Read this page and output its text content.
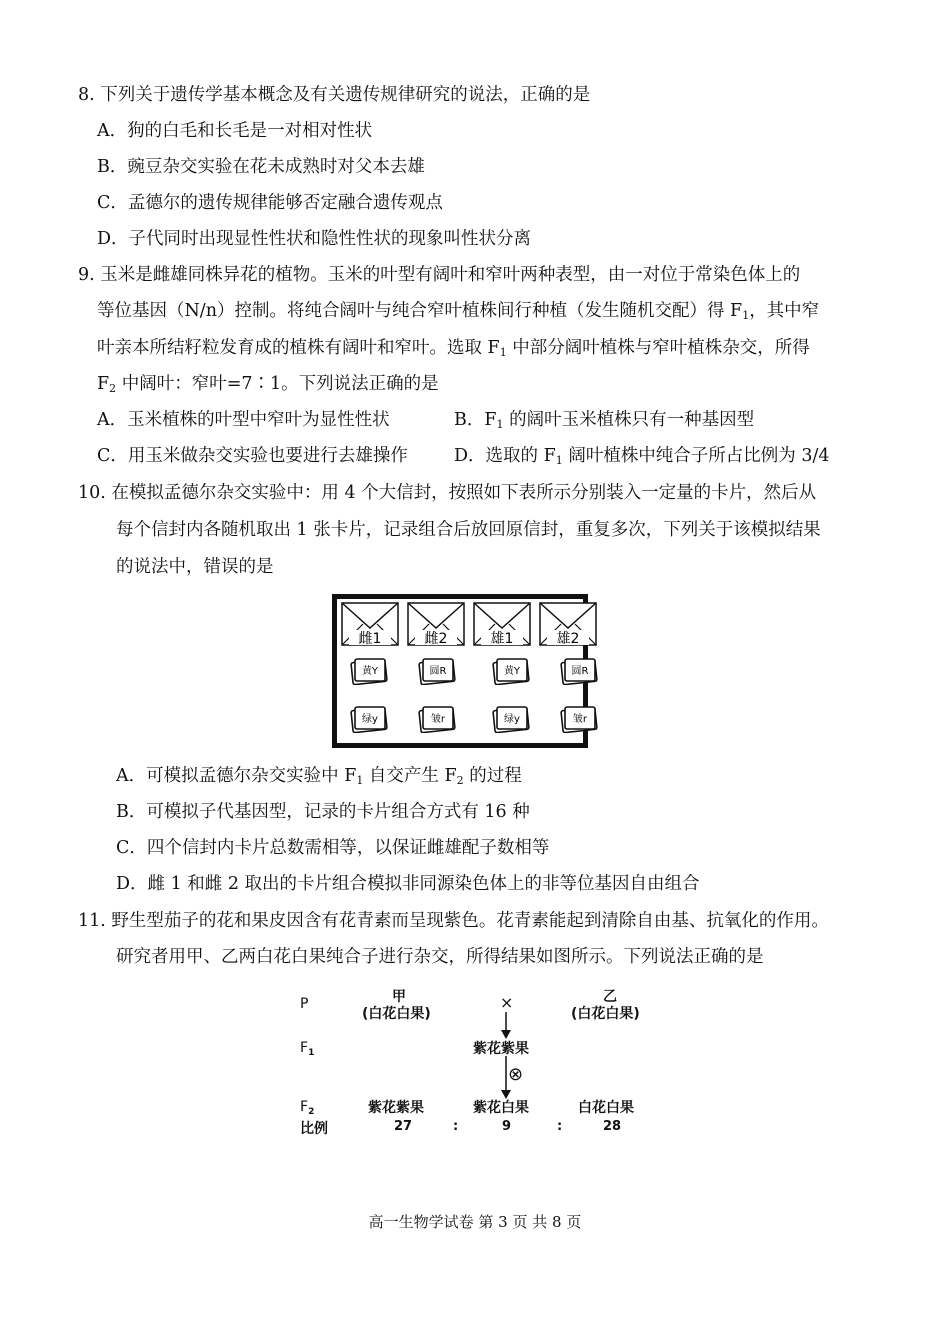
8. 下列关于遗传学基本概念及有关遗传规律研究的说法，正确的是
A．狗的白毛和长毛是一对相对性状
B．豌豆杂交实验在花未成熟时对父本去雄
C．孟德尔的遗传规律能够否定融合遗传观点
D．子代同时出现显性性状和隐性性状的现象叫性状分离
9. 玉米是雌雄同株异花的植物。玉米的叶型有阔叶和窄叶两种表型，由一对位于常染色体上的
等位基因（N/n）控制。将纯合阔叶与纯合窄叶植株间行种植（发生随机交配）得 $F_1$，其中窄
叶亲本所结籽粒发育成的植株有阔叶和窄叶。选取 $F_1$ 中部分阔叶植株与窄叶植株杂交，所得
$F_2$ 中阔叶：窄叶=7∶1。下列说法正确的是
A．玉米植株的叶型中窄叶为显性性状	B．$F_1$ 的阔叶玉米植株只有一种基因型
C．用玉米做杂交实验也要进行去雄操作	D．选取的 $F_1$ 阔叶植株中纯合子所占比例为 3/4
10. 在模拟孟德尔杂交实验中：用 4 个大信封，按照如下表所示分别装入一定量的卡片，然后从
每个信封内各随机取出 1 张卡片，记录组合后放回原信封，重复多次，下列关于该模拟结果
的说法中，错误的是
雌1	雌2	雄1	雄2
黄Y	圆R	黄Y	圆R
绿y	皱r	绿y	皱r
A．可模拟孟德尔杂交实验中 $F_1$ 自交产生 $F_2$ 的过程
B．可模拟子代基因型，记录的卡片组合方式有 16 种
C．四个信封内卡片总数需相等，以保证雌雄配子数相等
D．雌 1 和雌 2 取出的卡片组合模拟非同源染色体上的非等位基因自由组合
11. 野生型茄子的花和果皮因含有花青素而呈现紫色。花青素能起到清除自由基、抗氧化的作用。
研究者用甲、乙两白花白果纯合子进行杂交，所得结果如图所示。下列说法正确的是
P	甲
(白花白果)
×	乙
(白花白果)
$F_1$	紫花紫果
⊗
$F_2$	紫花紫果	紫花白果	白花白果
比例	27	:	9	:	28
高一生物学试卷 第 3 页 共 8 页
